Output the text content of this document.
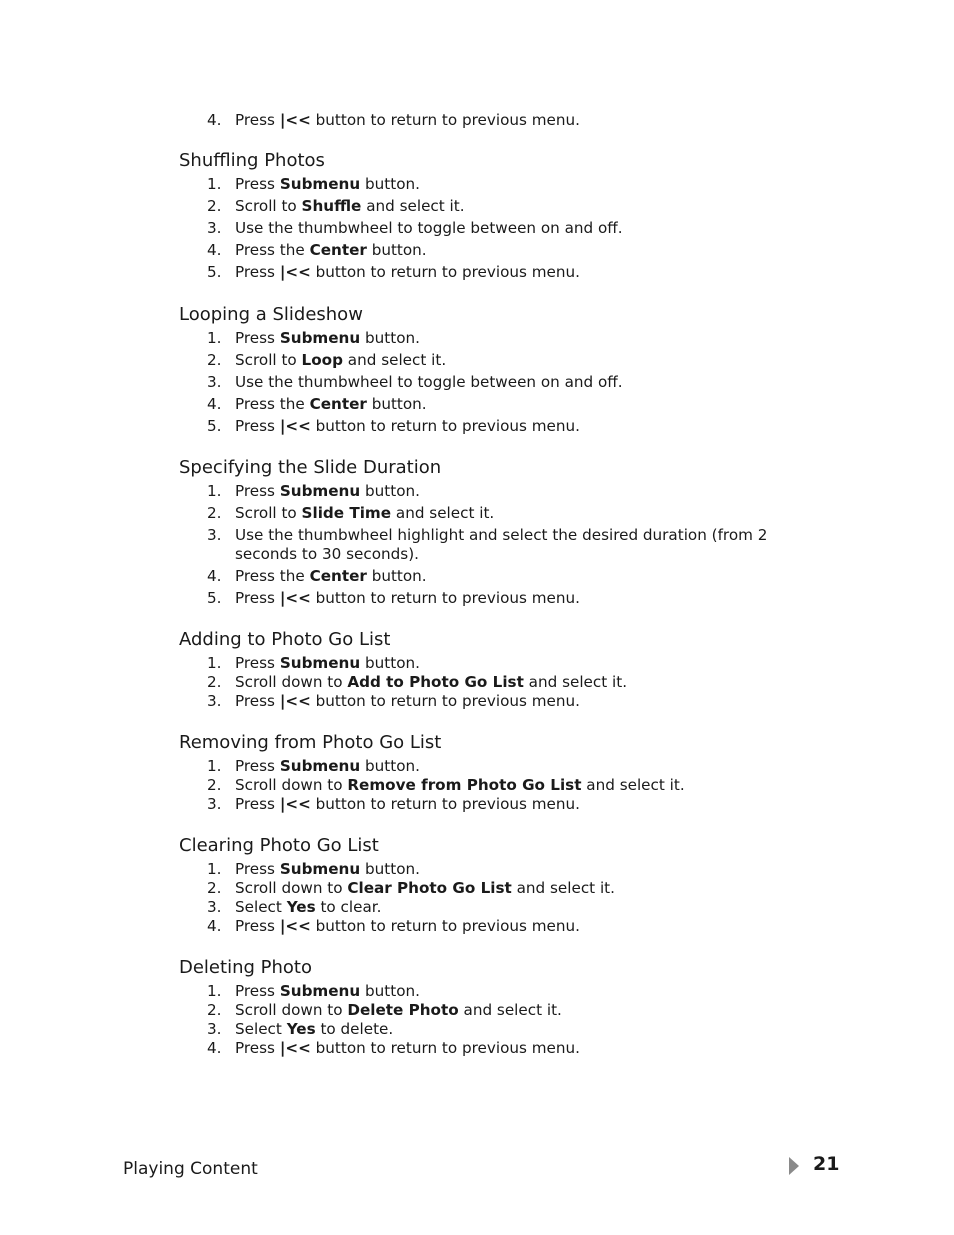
4. Press |<< button to return to previous menu.
Shuffling Photos
1. Press Submenu button.
2. Scroll to Shuffle and select it.
3. Use the thumbwheel to toggle between on and off.
4. Press the Center button.
5. Press |<< button to return to previous menu.
Looping a Slideshow
1. Press Submenu button.
2. Scroll to Loop and select it.
3. Use the thumbwheel to toggle between on and off.
4. Press the Center button.
5. Press |<< button to return to previous menu.
Specifying the Slide Duration
1. Press Submenu button.
2. Scroll to Slide Time and select it.
3. Use the thumbwheel highlight and select the desired duration (from 2 seconds to 30 seconds).
4. Press the Center button.
5. Press |<< button to return to previous menu.
Adding to Photo Go List
1. Press Submenu button.
2. Scroll down to Add to Photo Go List and select it.
3. Press |<< button to return to previous menu.
Removing from Photo Go List
1. Press Submenu button.
2. Scroll down to Remove from Photo Go List and select it.
3. Press |<< button to return to previous menu.
Clearing Photo Go List
1. Press Submenu button.
2. Scroll down to Clear Photo Go List and select it.
3. Select Yes to clear.
4. Press |<< button to return to previous menu.
Deleting Photo
1. Press Submenu button.
2. Scroll down to Delete Photo and select it.
3. Select Yes to delete.
4. Press |<< button to return to previous menu.
Playing Content	21
